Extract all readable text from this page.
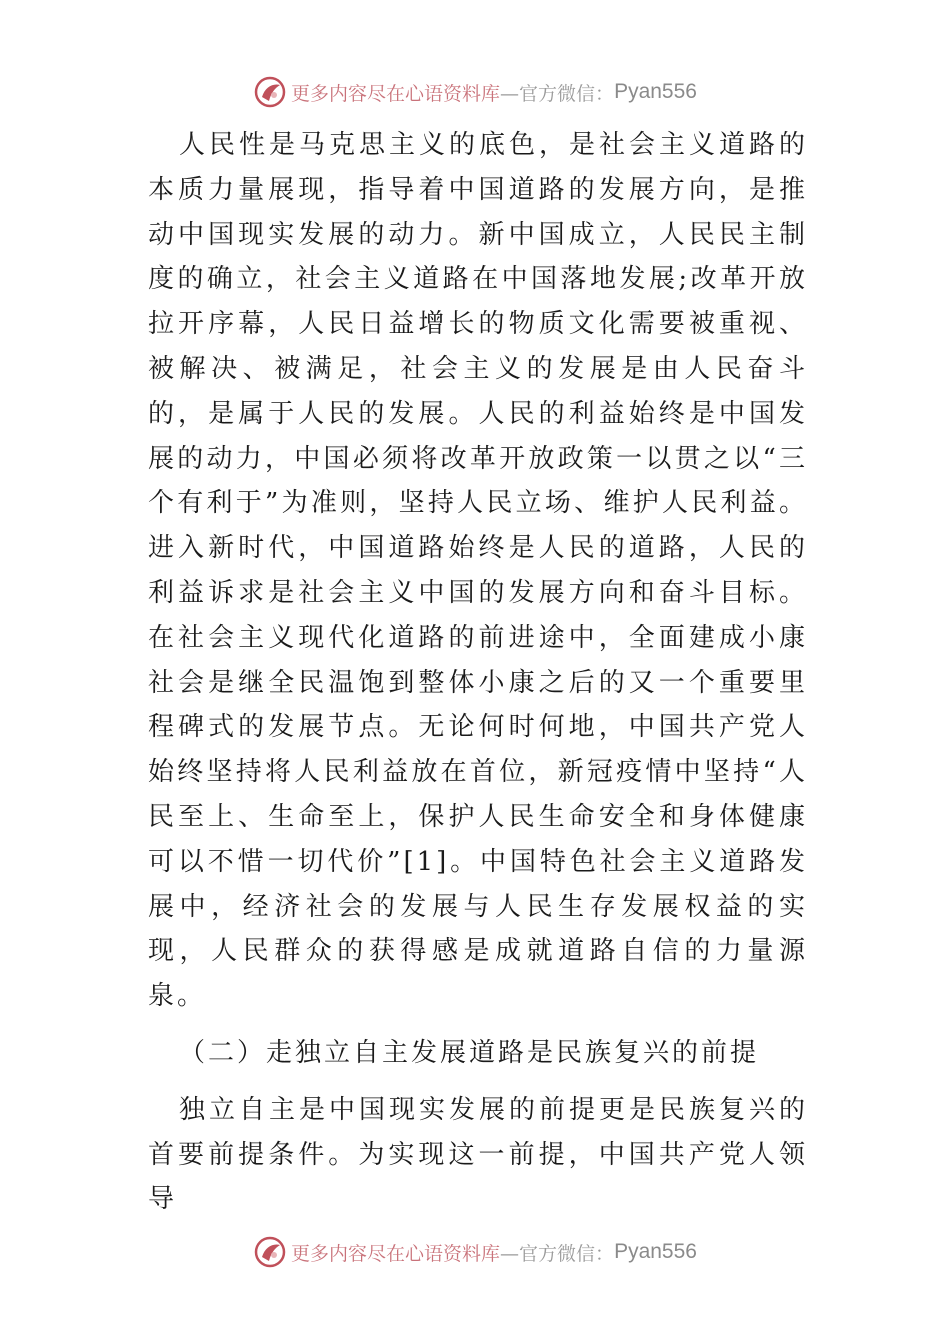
更多内容尽在心语资料库 —官方微信： Pyan556

人民性是马克思主义的底色，是社会主义道路的本质力量展现，指导着中国道路的发展方向，是推动中国现实发展的动力。新中国成立，人民民主制度的确立，社会主义道路在中国落地发展;改革开放拉开序幕，人民日益增长的物质文化需要被重视、被解决、被满足，社会主义的发展是由人民奋斗的，是属于人民的发展。人民的利益始终是中国发展的动力，中国必须将改革开放政策一以贯之以“三个有利于”为准则，坚持人民立场、维护人民利益。进入新时代，中国道路始终是人民的道路，人民的利益诉求是社会主义中国的发展方向和奋斗目标。在社会主义现代化道路的前进途中，全面建成小康社会是继全民温饱到整体小康之后的又一个重要里程碑式的发展节点。无论何时何地，中国共产党人始终坚持将人民利益放在首位，新冠疫情中坚持“人民至上、生命至上，保护人民生命安全和身体健康可以不惜一切代价”[1]。中国特色社会主义道路发展中，经济社会的发展与人民生存发展权益的实现，人民群众的获得感是成就道路自信的力量源泉。

（二）走独立自主发展道路是民族复兴的前提

独立自主是中国现实发展的前提更是民族复兴的首要前提条件。为实现这一前提，中国共产党人领导

更多内容尽在心语资料库 —官方微信： Pyan556
